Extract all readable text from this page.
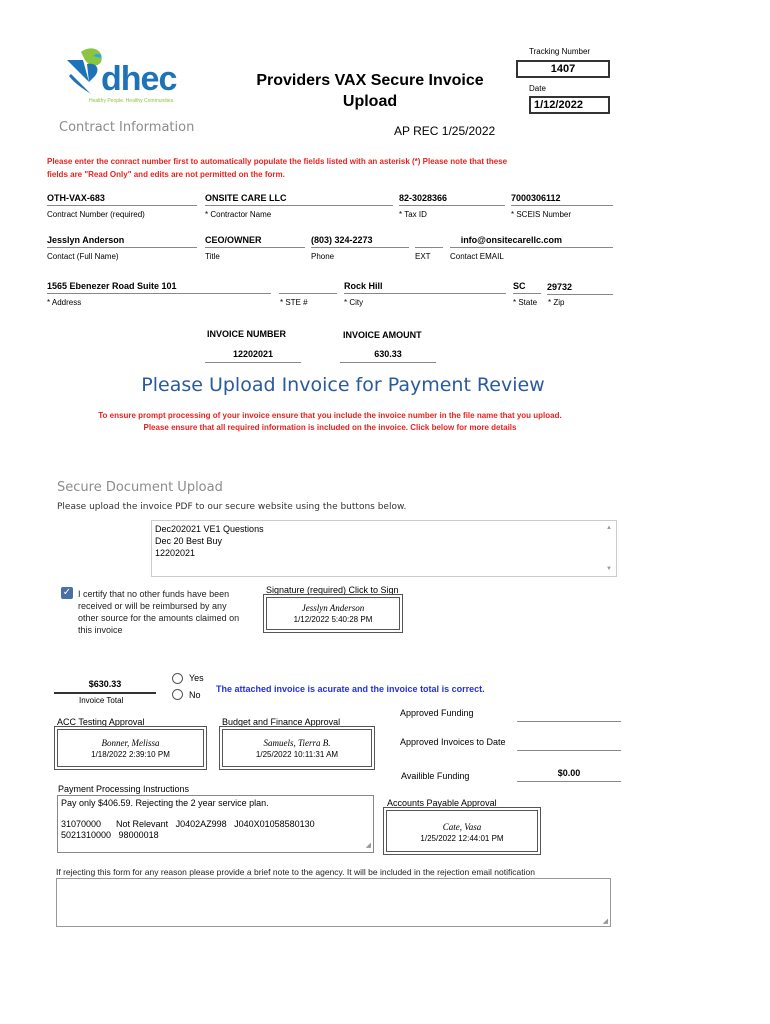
dhec
Healthy People. Healthy Communities.
Providers VAX Secure Invoice
Upload
AP REC 1/25/2022
Tracking Number
1407
Date
1/12/2022
Contract Information
Please enter the conract number first to automatically populate the fields listed with an asterisk (*) Please note that these
fields are "Read Only" and edits are not permitted on the form.
OTH-VAX-683
Contract Number (required)
ONSITE CARE LLC
* Contractor Name
82-3028366
* Tax ID
7000306112
* SCEIS Number
Jesslyn Anderson
Contact (Full Name)
CEO/OWNER
Title
(803) 324-2273
Phone	EXT
info@onsitecarellc.com
Contact EMAIL
1565 Ebenezer Road Suite 101
* Address	* STE #
Rock Hill
* City
SC
* State
29732
* Zip
INVOICE NUMBER
12202021
INVOICE AMOUNT
630.33
Please Upload Invoice for Payment Review
To ensure prompt processing of your invoice ensure that you include the invoice number in the file name that you upload.
Please ensure that all required information is included on the invoice. Click below for more details
Secure Document Upload
Please upload the invoice PDF to our secure website using the buttons below.
Dec202021 VE1 Questions
Dec 20 Best Buy
12202021
▲
▼
✓ I certify that no other funds have been
received or will be reimbursed by any
other source for the amounts claimed on
this invoice
Signature (required) Click to Sign
Jesslyn Anderson
1/12/2022 5:40:28 PM
$630.33
Invoice Total
Yes
No
The attached invoice is acurate and the invoice total is correct.
ACC Testing Approval
Bonner, Melissa
1/18/2022 2:39:10 PM
Budget and Finance Approval
Samuels, Tierra B.
1/25/2022 10:11:31 AM
Approved Funding
Approved Invoices to Date
Availible Funding	$0.00
Payment Processing Instructions
Pay only $406.59. Rejecting the 2 year service plan.
31070000      Not Relevant   J0402AZ998   J040X01058580130
5021310000   98000018
◢
Accounts Payable Approval
Cate, Vasa
1/25/2022 12:44:01 PM
If rejecting this form for any reason please provide a brief note to the agency. It will be included in the rejection email notification
◢
